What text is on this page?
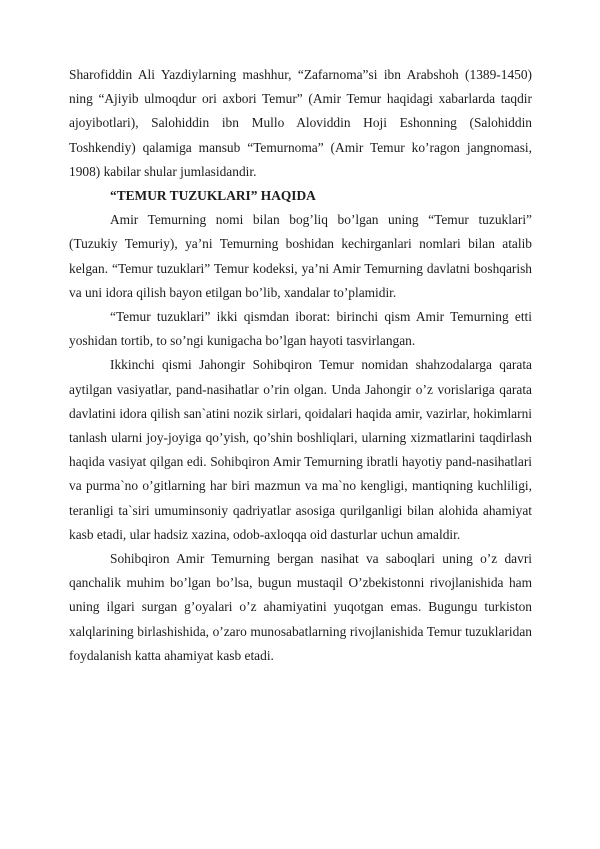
Sharofiddin Ali Yazdiylarning mashhur, “Zafarnoma”si ibn Arabshoh (1389-1450) ning “Ajiyib ulmoqdur ori axbori Temur” (Amir Temur haqidagi xabarlarda taqdir ajoyibotlari), Salohiddin ibn Mullo Aloviddin Hoji Eshonning (Salohiddin Toshkendiy) qalamiga mansub “Temurnoma” (Amir Temur ko’ragon jangnomasi, 1908) kabilar shular jumlasidandir.

“TEMUR TUZUKLARI” HAQIDA

Amir Temurning nomi bilan bog’liq bo’lgan uning “Temur tuzuklari” (Tuzukiy Temuriy), ya’ni Temurning boshidan kechirganlari nomlari bilan atalib kelgan. “Temur tuzuklari” Temur kodeksi, ya’ni Amir Temurning davlatni boshqarish va uni idora qilish bayon etilgan bo’lib, xandalar to’plamidir.

“Temur tuzuklari” ikki qismdan iborat: birinchi qism Amir Temurning etti yoshidan tortib, to so’ngi kunigacha bo’lgan hayoti tasvirlangan.

Ikkinchi qismi Jahongir Sohibqiron Temur nomidan shahzodalarga qarata aytilgan vasiyatlar, pand-nasihatlar o’rin olgan. Unda Jahongir o’z vorislariga qarata davlatini idora qilish san`atini nozik sirlari, qoidalari haqida amir, vazirlar, hokimlarni tanlash ularni joy-joyiga qo’yish, qo’shin boshliqlari, ularning xizmatlarini taqdirlash haqida vasiyat qilgan edi. Sohibqiron Amir Temurning ibratli hayotiy pand-nasihatlari va purma`no o’gitlarning har biri mazmun va ma`no kengligi, mantiqning kuchliligi, teranligi ta`siri umuminsoniy qadriyatlar asosiga qurilganligi bilan alohida ahamiyat kasb etadi, ular hadsiz xazina, odob-axloqqa oid dasturlar uchun amaldir.

Sohibqiron Amir Temurning bergan nasihat va saboqlari uning o’z davri qanchalik muhim bo’lgan bo’lsa, bugun mustaqil O’zbekistonni rivojlanishida ham uning ilgari surgan g’oyalari o’z ahamiyatini yuqotgan emas. Bugungu turkiston xalqlarining birlashishida, o’zaro munosabatlarning rivojlanishida Temur tuzuklaridan foydalanish katta ahamiyat kasb etadi.
